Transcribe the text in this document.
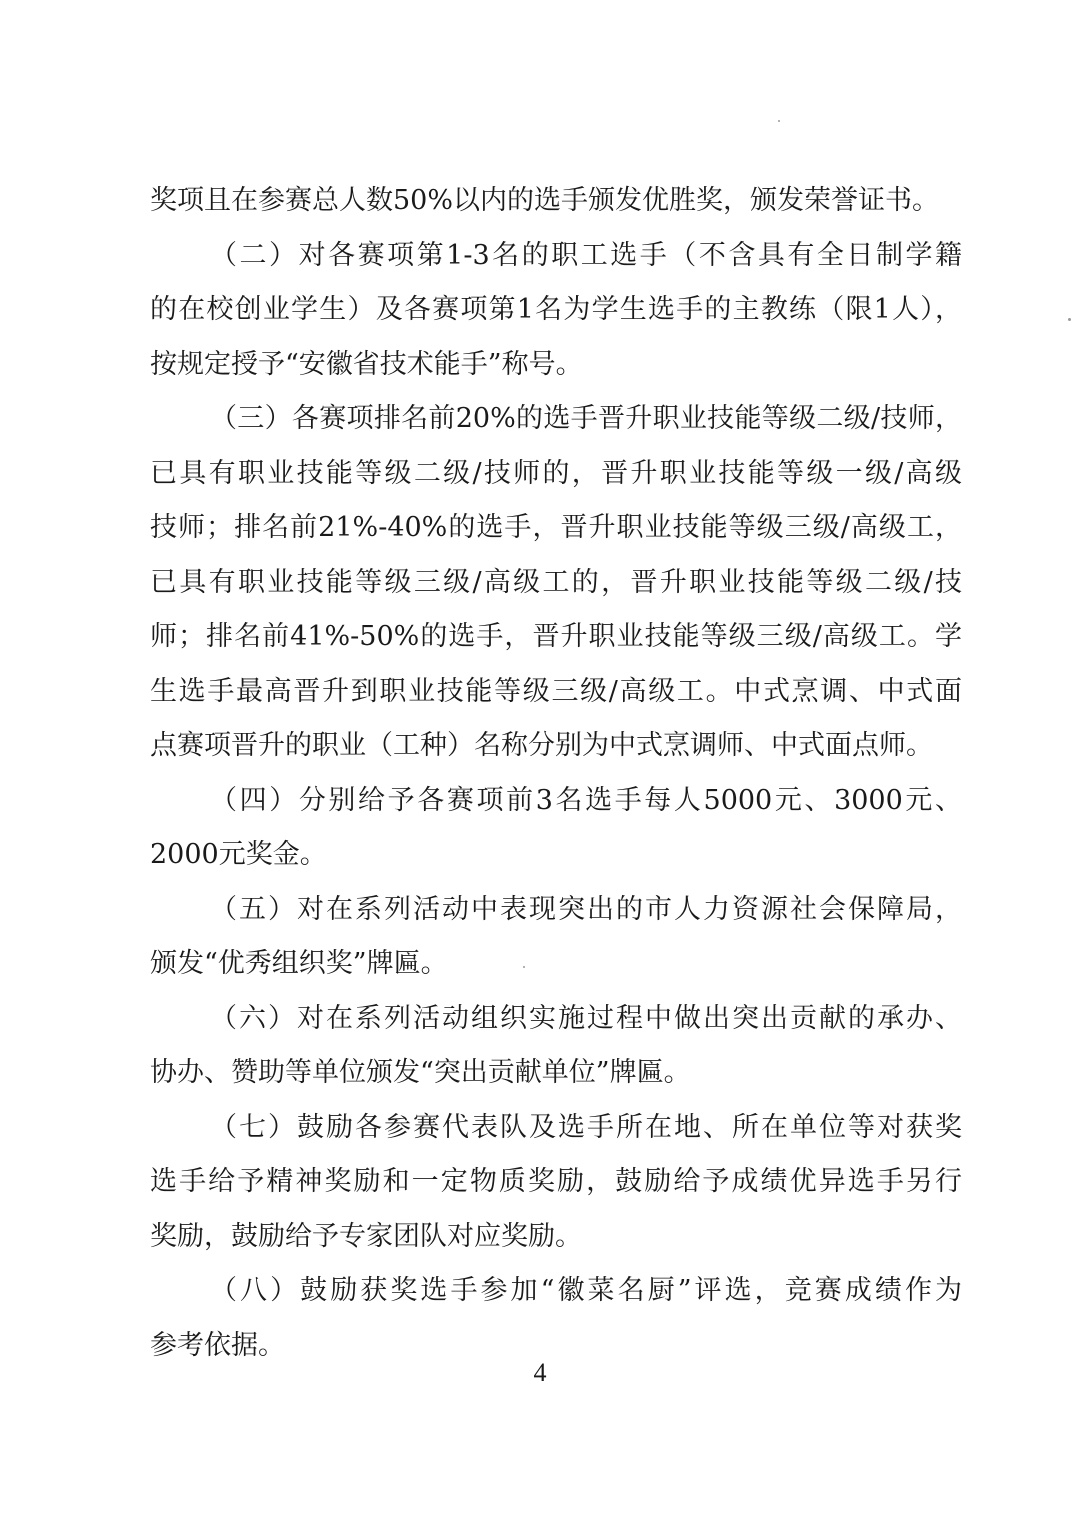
奖项且在参赛总人数50%以内的选手颁发优胜奖，颁发荣誉证书。

（二）对各赛项第1-3名的职工选手（不含具有全日制学籍
的在校创业学生）及各赛项第1名为学生选手的主教练（限1人），
按规定授予“安徽省技术能手”称号。

（三）各赛项排名前20%的选手晋升职业技能等级二级/技师，
已具有职业技能等级二级/技师的，晋升职业技能等级一级/高级
技师；排名前21%-40%的选手，晋升职业技能等级三级/高级工，
已具有职业技能等级三级/高级工的，晋升职业技能等级二级/技
师；排名前41%-50%的选手，晋升职业技能等级三级/高级工。学
生选手最高晋升到职业技能等级三级/高级工。中式烹调、中式面
点赛项晋升的职业（工种）名称分别为中式烹调师、中式面点师。

（四）分别给予各赛项前3名选手每人5000元、3000元、
2000元奖金。

（五）对在系列活动中表现突出的市人力资源社会保障局，
颁发“优秀组织奖”牌匾。

（六）对在系列活动组织实施过程中做出突出贡献的承办、
协办、赞助等单位颁发“突出贡献单位”牌匾。

（七）鼓励各参赛代表队及选手所在地、所在单位等对获奖
选手给予精神奖励和一定物质奖励，鼓励给予成绩优异选手另行
奖励，鼓励给予专家团队对应奖励。

（八）鼓励获奖选手参加“徽菜名厨”评选，竞赛成绩作为
参考依据。

4
